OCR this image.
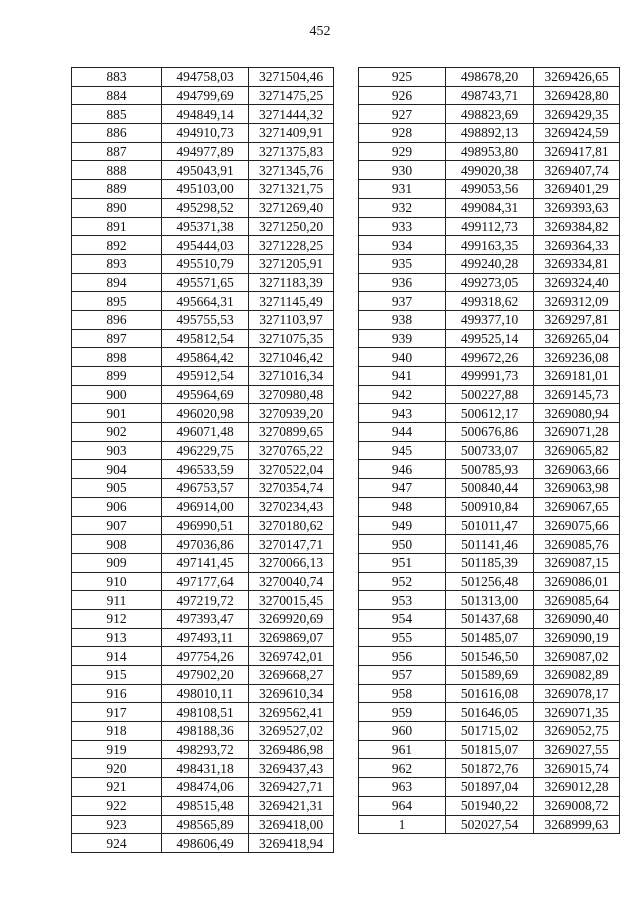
452
883	494758,03	3271504,46
884	494799,69	3271475,25
885	494849,14	3271444,32
886	494910,73	3271409,91
887	494977,89	3271375,83
888	495043,91	3271345,76
889	495103,00	3271321,75
890	495298,52	3271269,40
891	495371,38	3271250,20
892	495444,03	3271228,25
893	495510,79	3271205,91
894	495571,65	3271183,39
895	495664,31	3271145,49
896	495755,53	3271103,97
897	495812,54	3271075,35
898	495864,42	3271046,42
899	495912,54	3271016,34
900	495964,69	3270980,48
901	496020,98	3270939,20
902	496071,48	3270899,65
903	496229,75	3270765,22
904	496533,59	3270522,04
905	496753,57	3270354,74
906	496914,00	3270234,43
907	496990,51	3270180,62
908	497036,86	3270147,71
909	497141,45	3270066,13
910	497177,64	3270040,74
911	497219,72	3270015,45
912	497393,47	3269920,69
913	497493,11	3269869,07
914	497754,26	3269742,01
915	497902,20	3269668,27
916	498010,11	3269610,34
917	498108,51	3269562,41
918	498188,36	3269527,02
919	498293,72	3269486,98
920	498431,18	3269437,43
921	498474,06	3269427,71
922	498515,48	3269421,31
923	498565,89	3269418,00
924	498606,49	3269418,94
925	498678,20	3269426,65
926	498743,71	3269428,80
927	498823,69	3269429,35
928	498892,13	3269424,59
929	498953,80	3269417,81
930	499020,38	3269407,74
931	499053,56	3269401,29
932	499084,31	3269393,63
933	499112,73	3269384,82
934	499163,35	3269364,33
935	499240,28	3269334,81
936	499273,05	3269324,40
937	499318,62	3269312,09
938	499377,10	3269297,81
939	499525,14	3269265,04
940	499672,26	3269236,08
941	499991,73	3269181,01
942	500227,88	3269145,73
943	500612,17	3269080,94
944	500676,86	3269071,28
945	500733,07	3269065,82
946	500785,93	3269063,66
947	500840,44	3269063,98
948	500910,84	3269067,65
949	501011,47	3269075,66
950	501141,46	3269085,76
951	501185,39	3269087,15
952	501256,48	3269086,01
953	501313,00	3269085,64
954	501437,68	3269090,40
955	501485,07	3269090,19
956	501546,50	3269087,02
957	501589,69	3269082,89
958	501616,08	3269078,17
959	501646,05	3269071,35
960	501715,02	3269052,75
961	501815,07	3269027,55
962	501872,76	3269015,74
963	501897,04	3269012,28
964	501940,22	3269008,72
1	502027,54	3268999,63
